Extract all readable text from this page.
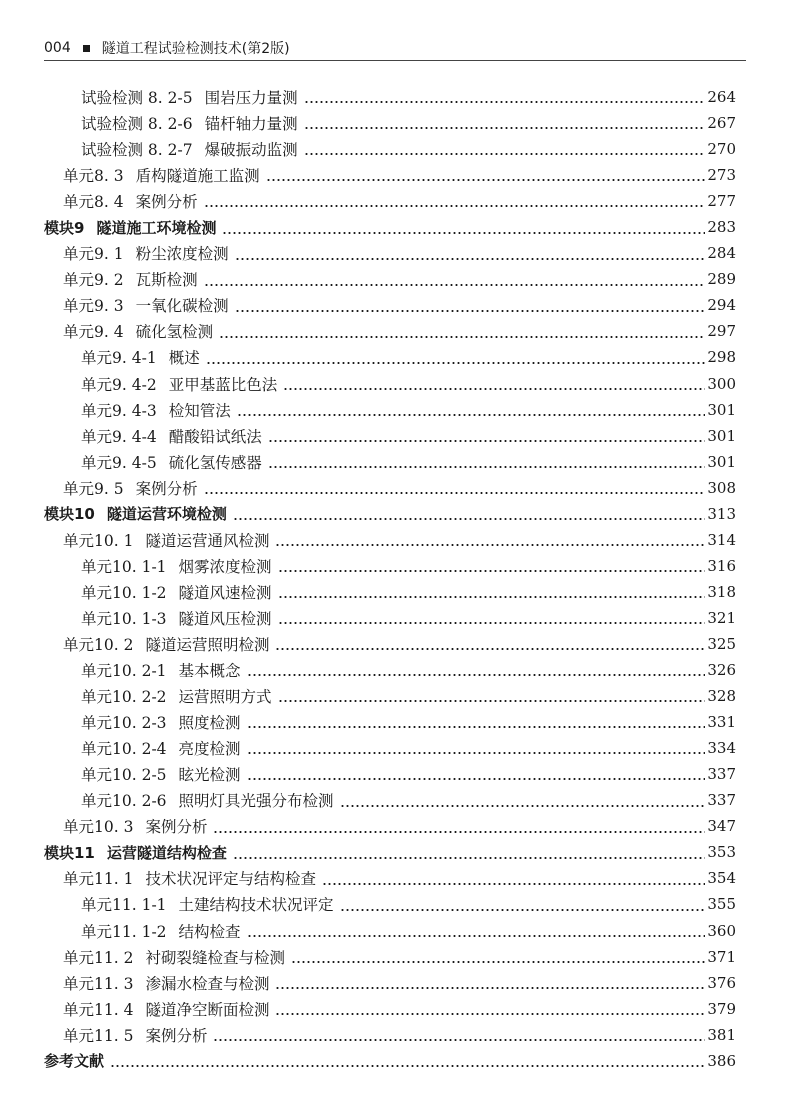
004 隧道工程试验检测技术(第2版)
试验检测 8. 2-5 围岩压力量测	264
试验检测 8. 2-6 锚杆轴力量测	267
试验检测 8. 2-7 爆破振动监测	270
单元8. 3 盾构隧道施工监测	273
单元8. 4 案例分析	277
模块9 隧道施工环境检测	283
单元9. 1 粉尘浓度检测	284
单元9. 2 瓦斯检测	289
单元9. 3 一氧化碳检测	294
单元9. 4 硫化氢检测	297
单元9. 4-1 概述	298
单元9. 4-2 亚甲基蓝比色法	300
单元9. 4-3 检知管法	301
单元9. 4-4 醋酸铅试纸法	301
单元9. 4-5 硫化氢传感器	301
单元9. 5 案例分析	308
模块10 隧道运营环境检测	313
单元10. 1 隧道运营通风检测	314
单元10. 1-1 烟雾浓度检测	316
单元10. 1-2 隧道风速检测	318
单元10. 1-3 隧道风压检测	321
单元10. 2 隧道运营照明检测	325
单元10. 2-1 基本概念	326
单元10. 2-2 运营照明方式	328
单元10. 2-3 照度检测	331
单元10. 2-4 亮度检测	334
单元10. 2-5 眩光检测	337
单元10. 2-6 照明灯具光强分布检测	337
单元10. 3 案例分析	347
模块11 运营隧道结构检查	353
单元11. 1 技术状况评定与结构检查	354
单元11. 1-1 土建结构技术状况评定	355
单元11. 1-2 结构检查	360
单元11. 2 衬砌裂缝检查与检测	371
单元11. 3 渗漏水检查与检测	376
单元11. 4 隧道净空断面检测	379
单元11. 5 案例分析	381
参考文献	386
